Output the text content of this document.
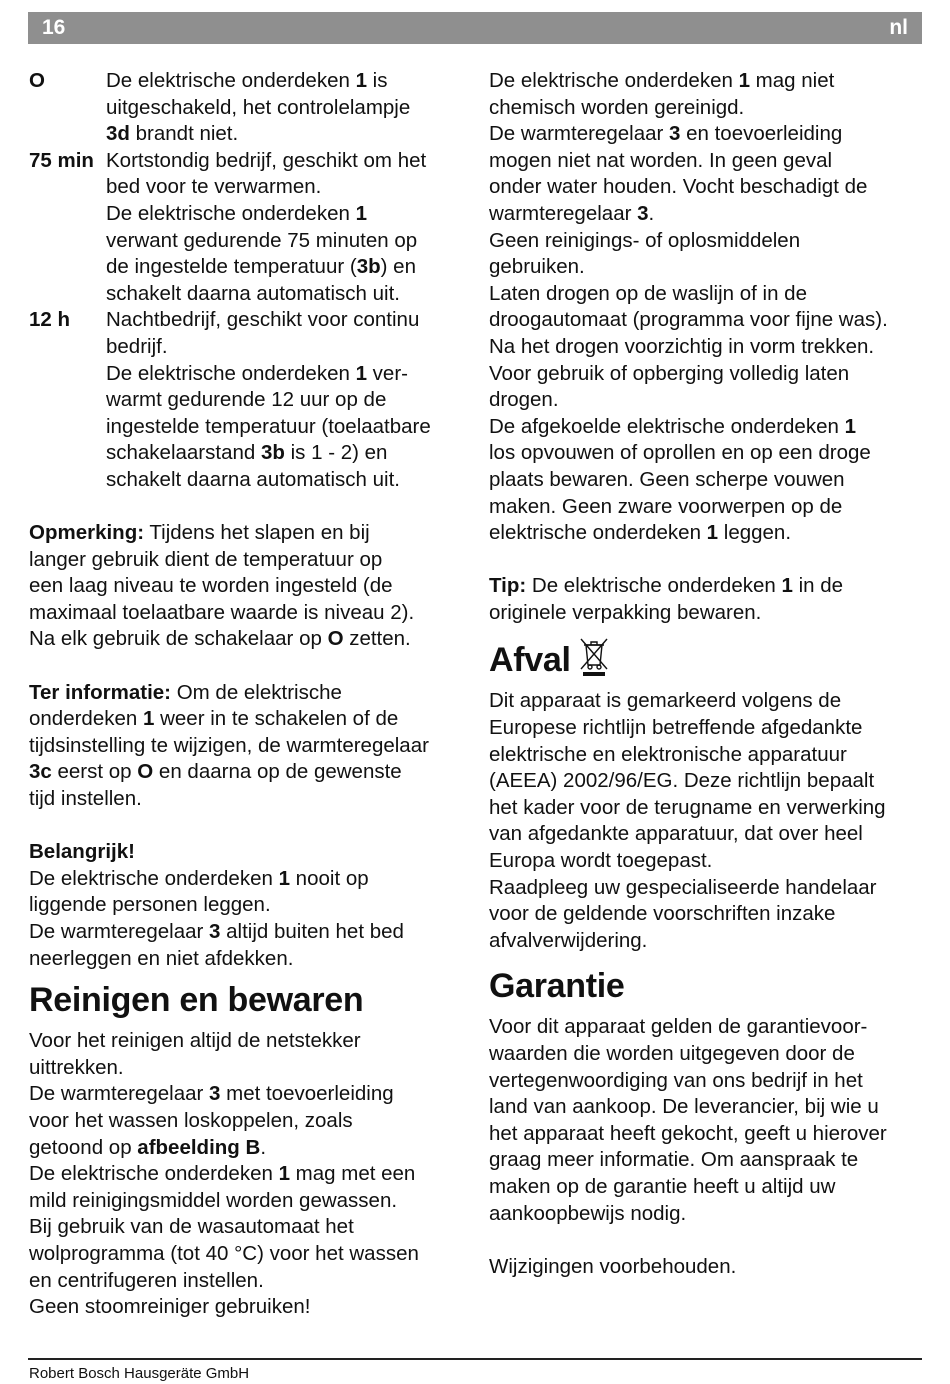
16	nl
O	De elektrische onderdeken 1 is
uitgeschakeld, het controlelampje
3d brandt niet.
75 min Kortstondig bedrijf, geschikt om het
bed voor te verwarmen.
De elektrische onderdeken 1
verwant gedurende 75 minuten op
de ingestelde temperatuur (3b) en
schakelt daarna automatisch uit.
12 h	Nachtbedrijf, geschikt voor continu
bedrijf.
De elektrische onderdeken 1 ver-
warmt gedurende 12 uur op de
ingestelde temperatuur (toelaatbare
schakelaarstand 3b is 1 - 2) en
schakelt daarna automatisch uit.
Opmerking: Tijdens het slapen en bij
langer gebruik dient de temperatuur op
een laag niveau te worden ingesteld (de
maximaal toelaatbare waarde is niveau 2).
Na elk gebruik de schakelaar op O zetten.
Ter informatie: Om de elektrische
onderdeken 1 weer in te schakelen of de
tijdsinstelling te wijzigen, de warmteregelaar
3c eerst op O en daarna op de gewenste
tijd instellen.
Belangrijk!
De elektrische onderdeken 1 nooit op
liggende personen leggen.
De warmteregelaar 3 altijd buiten het bed
neerleggen en niet afdekken.
Reinigen en bewaren
Voor het reinigen altijd de netstekker
uittrekken.
De warmteregelaar 3 met toevoerleiding
voor het wassen loskoppelen, zoals
getoond op afbeelding B.
De elektrische onderdeken 1 mag met een
mild reinigingsmiddel worden gewassen.
Bij gebruik van de wasautomaat het
wolprogramma (tot 40 °C) voor het wassen
en centrifugeren instellen.
Geen stoomreiniger gebruiken!
De elektrische onderdeken 1 mag niet
chemisch worden gereinigd.
De warmteregelaar 3 en toevoerleiding
mogen niet nat worden. In geen geval
onder water houden. Vocht beschadigt de
warmteregelaar 3.
Geen reinigings- of oplosmiddelen
gebruiken.
Laten drogen op de waslijn of in de
droogautomaat (programma voor fijne was).
Na het drogen voorzichtig in vorm trekken.
Voor gebruik of opberging volledig laten
drogen.
De afgekoelde elektrische onderdeken 1
los opvouwen of oprollen en op een droge
plaats bewaren. Geen scherpe vouwen
maken. Geen zware voorwerpen op de
elektrische onderdeken 1 leggen.
Tip: De elektrische onderdeken 1 in de
originele verpakking bewaren.
Afval
Dit apparaat is gemarkeerd volgens de
Europese richtlijn betreffende afgedankte
elektrische en elektronische apparatuur
(AEEA) 2002/96/EG. Deze richtlijn bepaalt
het kader voor de terugname en verwerking
van afgedankte apparatuur, dat over heel
Europa wordt toegepast.
Raadpleeg uw gespecialiseerde handelaar
voor de geldende voorschriften inzake
afvalverwijdering.
Garantie
Voor dit apparaat gelden de garantievoor-
waarden die worden uitgegeven door de
vertegenwoordiging van ons bedrijf in het
land van aankoop. De leverancier, bij wie u
het apparaat heeft gekocht, geeft u hierover
graag meer informatie. Om aanspraak te
maken op de garantie heeft u altijd uw
aankoopbewijs nodig.

Wijzigingen voorbehouden.

Robert Bosch Hausgeräte GmbH
